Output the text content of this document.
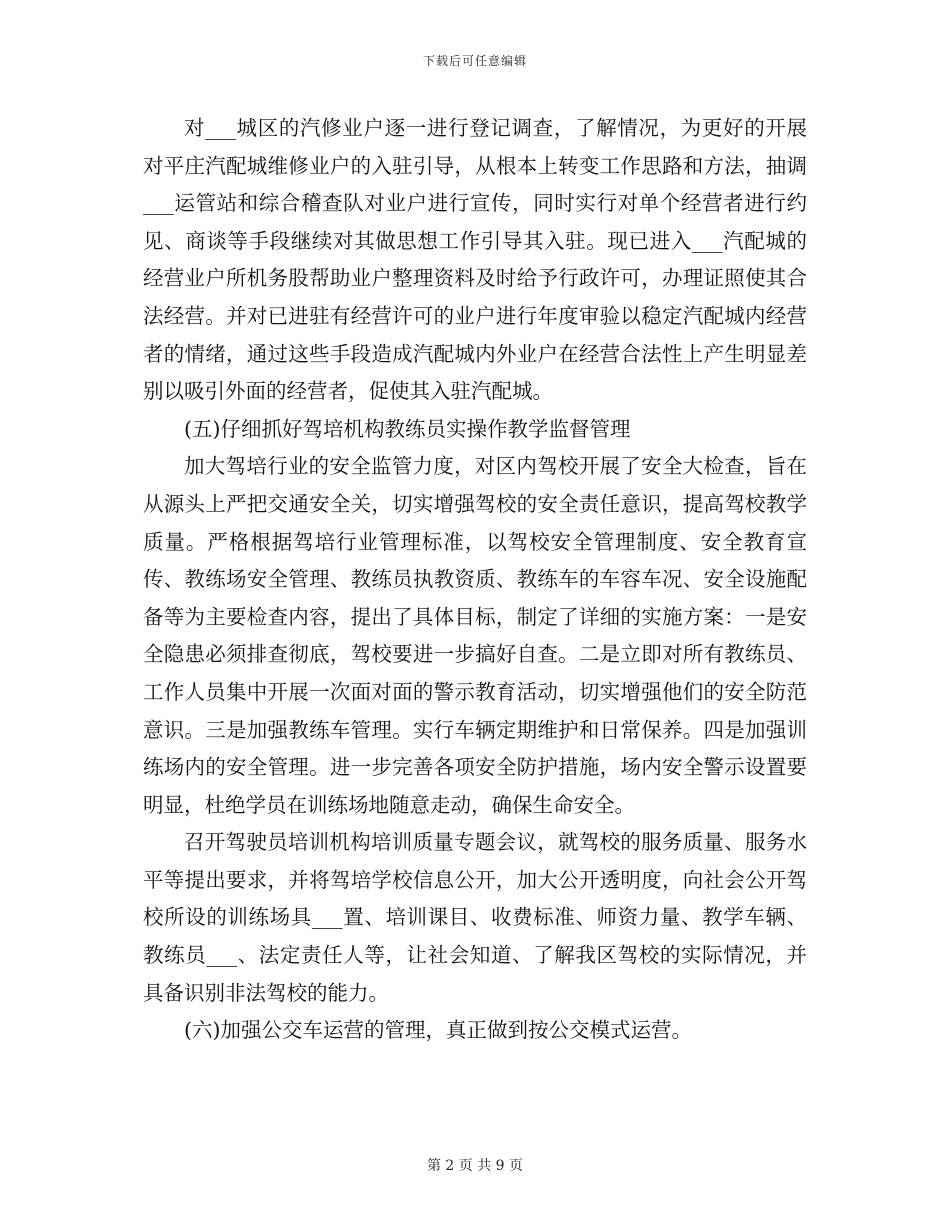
下载后可任意编辑

对___城区的汽修业户逐一进行登记调查，了解情况，为更好的开展对平庄汽配城维修业户的入驻引导，从根本上转变工作思路和方法，抽调___运管站和综合稽查队对业户进行宣传，同时实行对单个经营者进行约见、商谈等手段继续对其做思想工作引导其入驻。现已进入___汽配城的经营业户所机务股帮助业户整理资料及时给予行政许可，办理证照使其合法经营。并对已进驻有经营许可的业户进行年度审验以稳定汽配城内经营者的情绪，通过这些手段造成汽配城内外业户在经营合法性上产生明显差别以吸引外面的经营者，促使其入驻汽配城。

(五)仔细抓好驾培机构教练员实操作教学监督管理

加大驾培行业的安全监管力度，对区内驾校开展了安全大检查，旨在从源头上严把交通安全关，切实增强驾校的安全责任意识，提高驾校教学质量。严格根据驾培行业管理标准，以驾校安全管理制度、安全教育宣传、教练场安全管理、教练员执教资质、教练车的车容车况、安全设施配备等为主要检查内容，提出了具体目标，制定了详细的实施方案：一是安全隐患必须排查彻底，驾校要进一步搞好自查。二是立即对所有教练员、工作人员集中开展一次面对面的警示教育活动，切实增强他们的安全防范意识。三是加强教练车管理。实行车辆定期维护和日常保养。四是加强训练场内的安全管理。进一步完善各项安全防护措施，场内安全警示设置要明显，杜绝学员在训练场地随意走动，确保生命安全。

召开驾驶员培训机构培训质量专题会议，就驾校的服务质量、服务水平等提出要求，并将驾培学校信息公开，加大公开透明度，向社会公开驾校所设的训练场具___置、培训课目、收费标准、师资力量、教学车辆、教练员___、法定责任人等，让社会知道、了解我区驾校的实际情况，并具备识别非法驾校的能力。

(六)加强公交车运营的管理，真正做到按公交模式运营。

第 2 页 共 9 页
